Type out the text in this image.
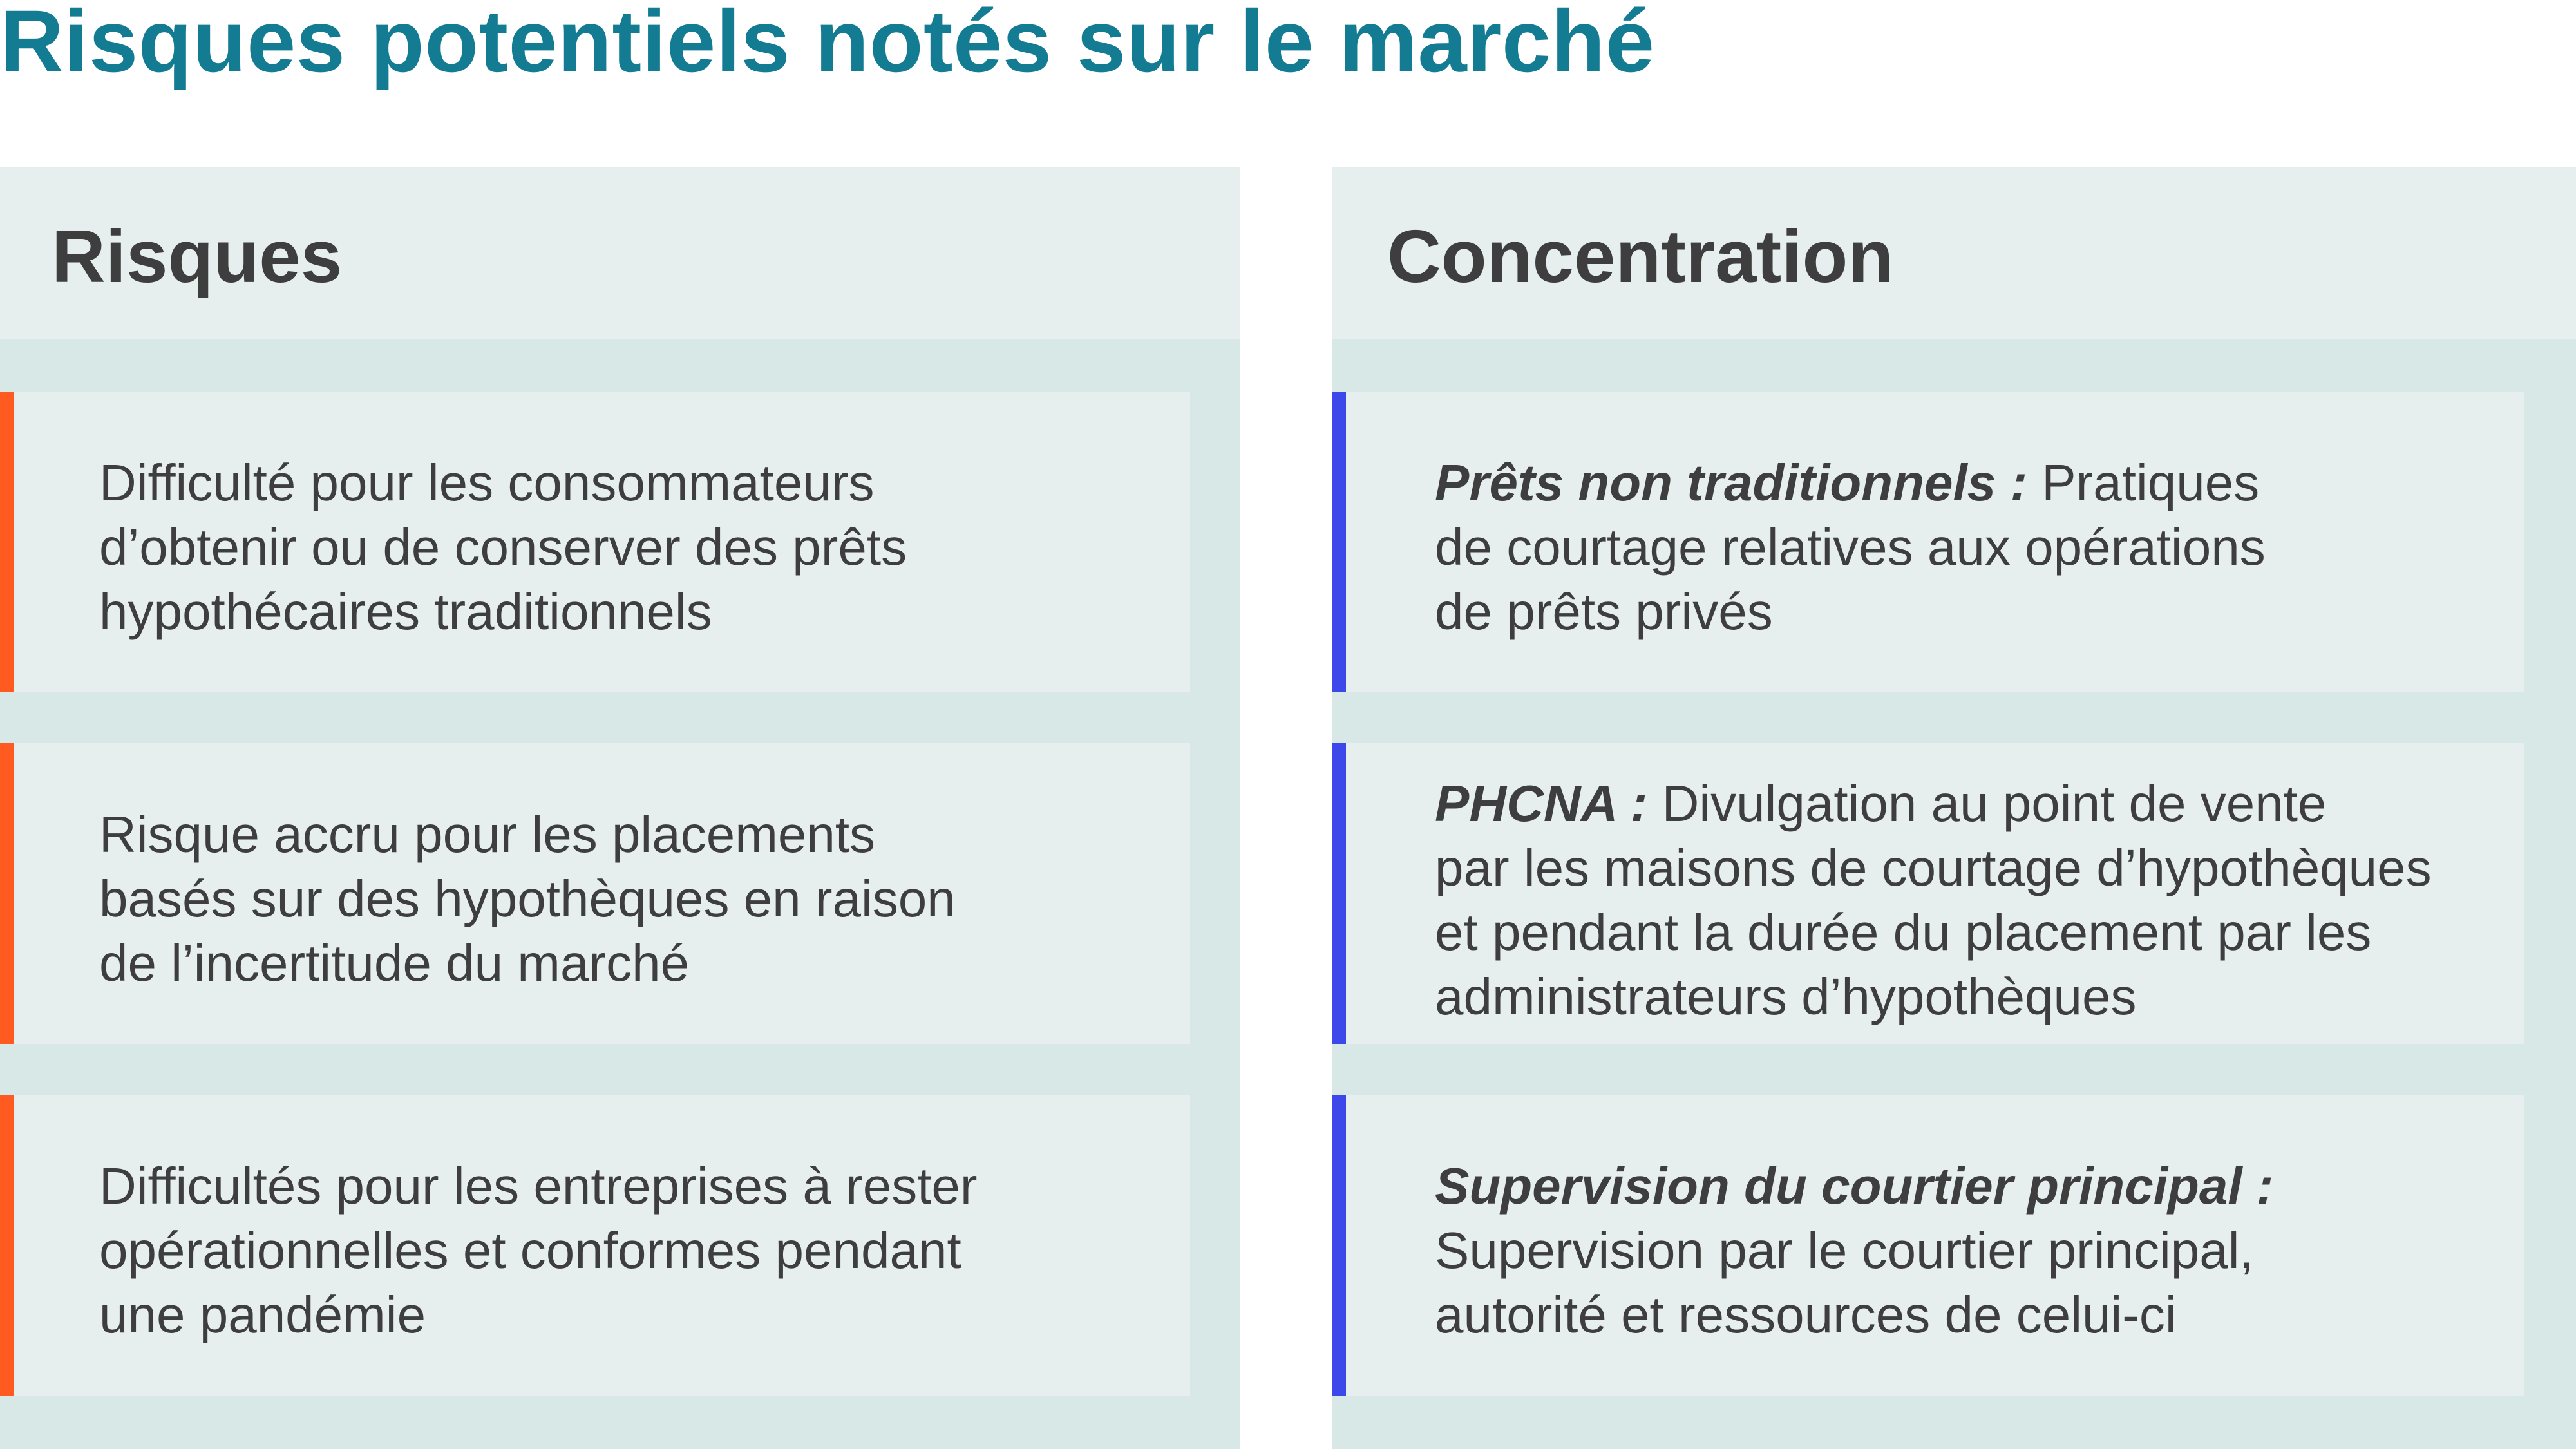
Risques potentiels notés sur le marché
Risques
Difficulté pour les consommateurs
d’obtenir ou de conserver des prêts
hypothécaires traditionnels
Risque accru pour les placements
basés sur des hypothèques en raison
de l’incertitude du marché
Difficultés pour les entreprises à rester
opérationnelles et conformes pendant
une pandémie
Concentration
Prêts non traditionnels : Pratiques
de courtage relatives aux opérations
de prêts privés
PHCNA : Divulgation au point de vente
par les maisons de courtage d’hypothèques
et pendant la durée du placement par les
administrateurs d’hypothèques
Supervision du courtier principal :
Supervision par le courtier principal,
autorité et ressources de celui-ci
